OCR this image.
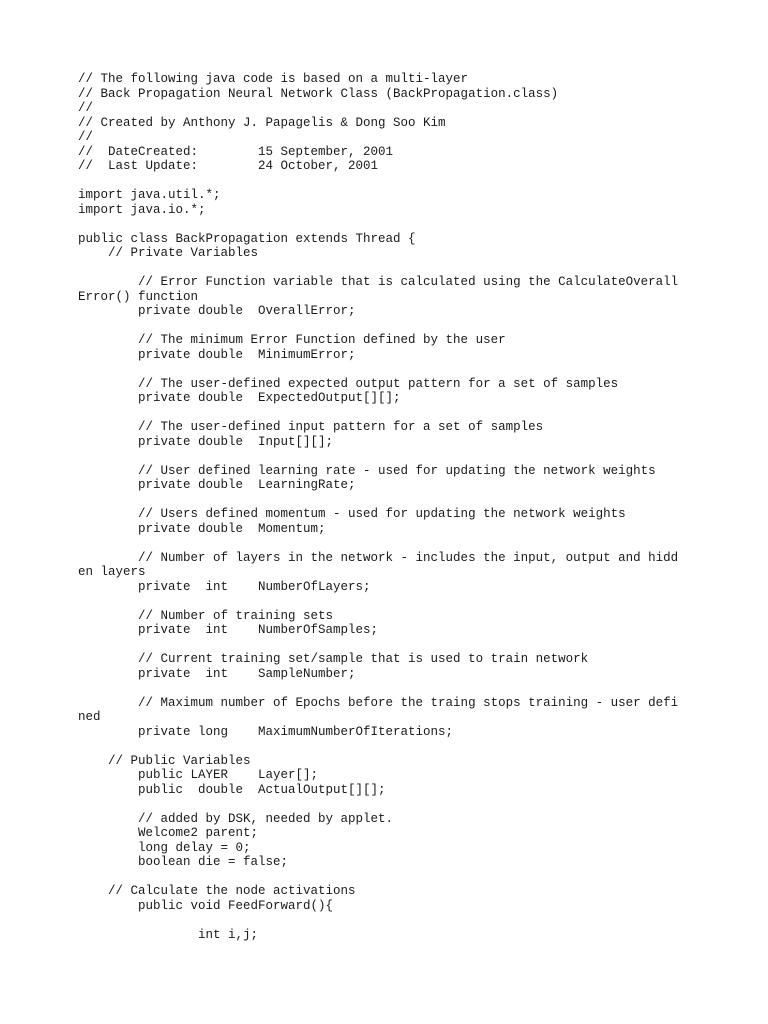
// The following java code is based on a multi-layer
// Back Propagation Neural Network Class (BackPropagation.class)
//
// Created by Anthony J. Papagelis & Dong Soo Kim
//
//  DateCreated:        15 September, 2001
//  Last Update:        24 October, 2001
import java.util.*;
import java.io.*;
public class BackPropagation extends Thread {
// Private Variables
// Error Function variable that is calculated using the CalculateOverall
Error() function
private double  OverallError;
// The minimum Error Function defined by the user
private double  MinimumError;
// The user-defined expected output pattern for a set of samples
private double  ExpectedOutput[][];
// The user-defined input pattern for a set of samples
private double  Input[][];
// User defined learning rate - used for updating the network weights
private double  LearningRate;
// Users defined momentum - used for updating the network weights
private double  Momentum;
// Number of layers in the network - includes the input, output and hidd
en layers
private  int    NumberOfLayers;
// Number of training sets
private  int    NumberOfSamples;
// Current training set/sample that is used to train network
private  int    SampleNumber;
// Maximum number of Epochs before the traing stops training - user defi
ned
private long    MaximumNumberOfIterations;
// Public Variables
public LAYER    Layer[];
public  double  ActualOutput[][];
// added by DSK, needed by applet.
Welcome2 parent;
long delay = 0;
boolean die = false;
// Calculate the node activations
public void FeedForward(){
int i,j;
